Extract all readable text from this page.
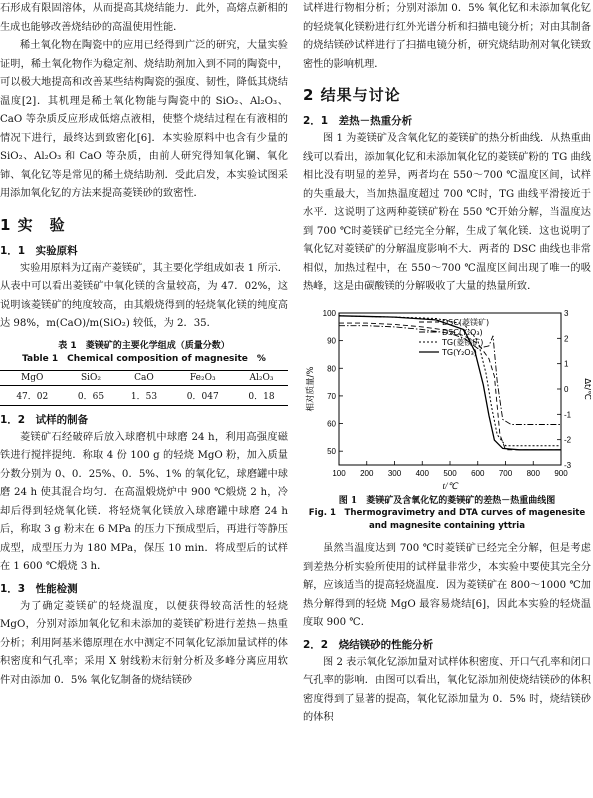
石形成有限固溶体，从而提高其烧结能力．此外，高熔点新相的生成也能够改善烧结砂的高温使用性能．

稀土氧化物在陶瓷中的应用已经得到广泛的研究，大量实验证明，稀土氧化物作为稳定剂、烧结助剂加入到不同的陶瓷中，可以极大地提高和改善某些结构陶瓷的强度、韧性，降低其烧结温度[2]．其机理是稀土氧化物能与陶瓷中的 SiO₂、Al₂O₃、CaO 等杂质反应形成低熔点液相，使整个烧结过程在有液相的情况下进行，最终达到致密化[6]．本实验原料中也含有少量的 SiO₂、Al₂O₃ 和 CaO 等杂质，由前人研究得知氧化镧、氧化铈、氧化钇等是常见的稀土烧结助剂．受此启发，本实验试图采用添加氧化钇的方法来提高菱镁砂的致密性．

1 实　验
1．1　实验原料

实验用原料为辽南产菱镁矿，其主要化学组成如表 1 所示．从表中可以看出菱镁矿中氧化镁的含量较高，为 47．02%，这说明该菱镁矿的纯度较高，由其煅烧得到的轻烧氧化镁的纯度高达 98%，m(CaO)/m(SiO₂) 较低，为 2．35．

表 1　菱镁矿的主要化学组成（质量分数）
Table 1　Chemical composition of magnesite　%
MgO	SiO₂	CaO	Fe₂O₃	Al₂O₃
47．02	0．65	1．53	0．047	0．18
1．2　试样的制备

菱镁矿石经破碎后放入球磨机中球磨 24 h，利用高强度磁铁进行搅拌提纯．称取 4 份 100 g 的轻烧 MgO 粉，加入质量分数分别为 0、0．25%、0．5%、1% 的氧化钇，球磨罐中球磨 24 h 使其混合均匀．在高温煅烧炉中 900 ℃煅烧 2 h，冷却后得到轻烧氧化镁．将轻烧氧化镁放入球磨罐中球磨 24 h 后，称取 3 g 粉末在 6 MPa 的压力下预成型后，再进行等静压成型，成型压力为 180 MPa，保压 10 min．将成型后的试样在 1 600 ℃煅烧 3 h．

1．3　性能检测

为了确定菱镁矿的轻烧温度，以便获得较高活性的轻烧 MgO，分别对添加氧化钇和未添加的菱镁矿粉进行差热－热重分析；利用阿基米德原理在水中测定不同氧化钇添加量试样的体积密度和气孔率；采用 X 射线粉末衍射分析及多峰分离应用软件对由添加 0．5% 氧化钇制备的烧结镁砂

试样进行物相分析；分别对添加 0．5% 氧化钇和未添加氧化钇的轻烧氧化镁粉进行红外光谱分析和扫描电镜分析；对由其制备的烧结镁砂试样进行了扫描电镜分析，研究烧结助剂对氧化镁致密性的影响机理．

2 结果与讨论
2．1　差热－热重分析

图 1 为菱镁矿及含氧化钇的菱镁矿的热分析曲线．从热重曲线可以看出，添加氧化钇和未添加氧化钇的菱镁矿粉的 TG 曲线相比没有明显的差异，两者均在 550～700 ℃温度区间，试样的失重最大，当加热温度超过 700 ℃时，TG 曲线平滑接近于水平．这说明了这两种菱镁矿粉在 550 ℃开始分解，当温度达到 700 ℃时菱镁矿已经完全分解，生成了氧化镁．这也说明了氧化钇对菱镁矿的分解温度影响不大．两者的 DSC 曲线也非常相似，加热过程中，在 550～700 ℃温度区间出现了唯一的吸热峰，这是由碳酸镁的分解吸收了大量的热量所致．

100 200 300 400 500 600 700 800 900
50
60
70
80
90
100
-3
-2
-1
0
1
2
3
t/℃
相对质量/%	Δt/℃
DSC(菱镁矿)
DSC(Y₂O₃)
TG(菱镁矿)
TG(Y₂O₃)
图 1　菱镁矿及含氧化钇的菱镁矿的差热－热重曲线图
Fig. 1　Thermogravimetry and DTA curves of magenesite and magnesite containing yttria

虽然当温度达到 700 ℃时菱镁矿已经完全分解，但是考虑到差热分析实验所使用的试样量非常少，本实验中要使其完全分解，应该适当的提高轻烧温度．因为菱镁矿在 800～1000 ℃加热分解得到的轻烧 MgO 最容易烧结[6]，因此本实验的轻烧温度取 900 ℃．

2．2　烧结镁砂的性能分析

图 2 表示氧化钇添加量对试样体积密度、开口气孔率和闭口气孔率的影响．由图可以看出，氧化钇添加剂使烧结镁砂的体积密度得到了显著的提高，氧化钇添加量为 0．5% 时，烧结镁砂的体积
